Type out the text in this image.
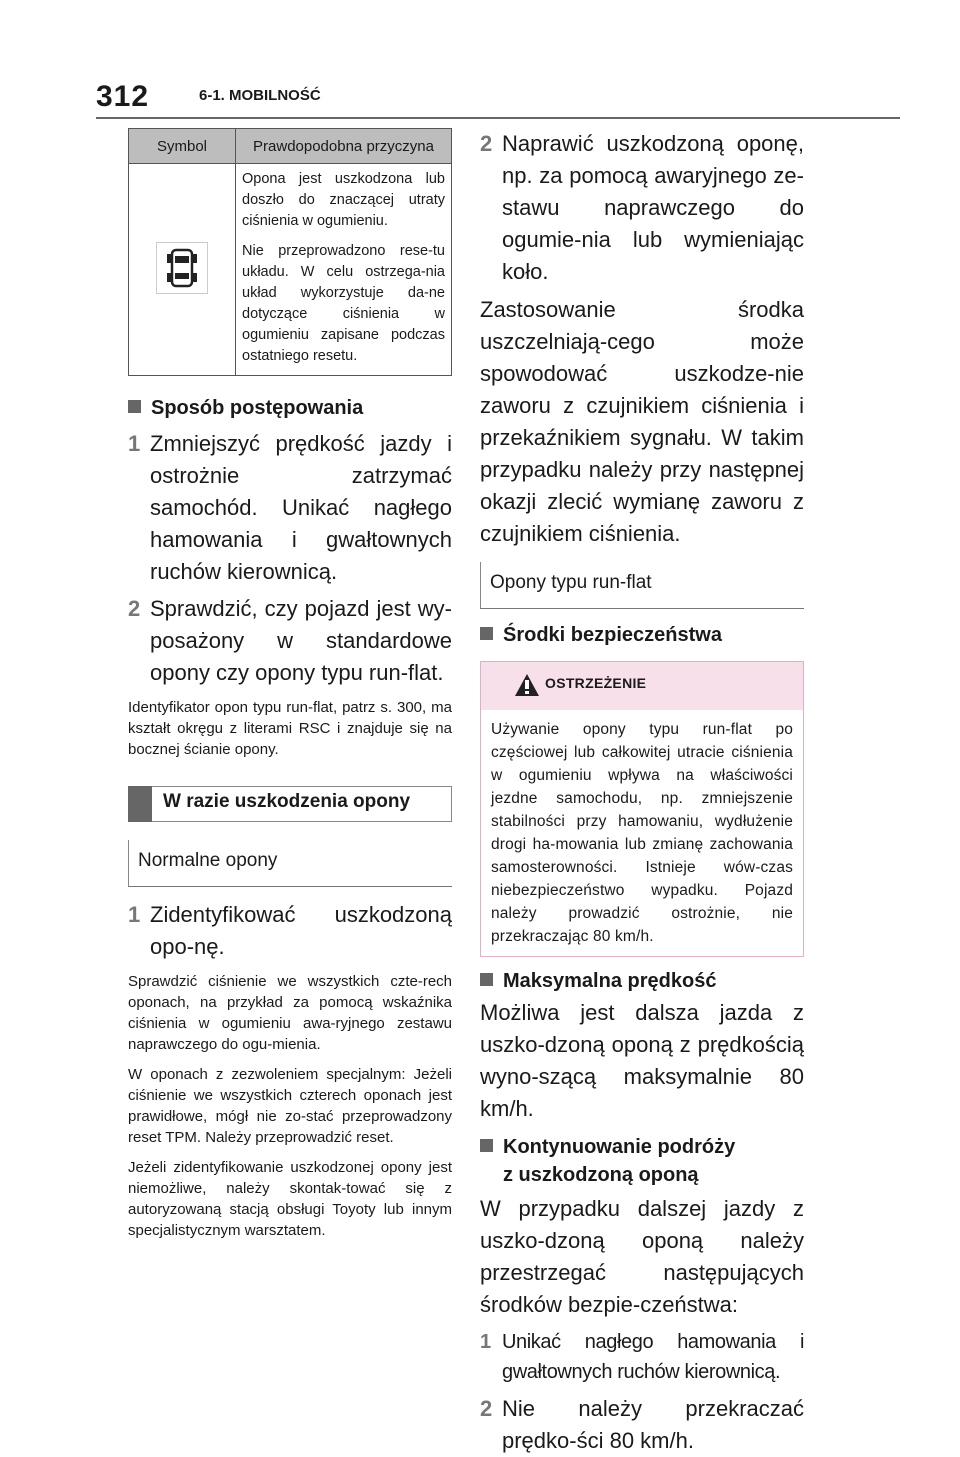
312	6-1. MOBILNOŚĆ
Symbol	Prawdopodobna przyczyna

Opona jest uszkodzona lub doszło do znaczącej utraty ciśnienia w ogumieniu.

Nie przeprowadzono rese-tu układu. W celu ostrzega-nia układ wykorzystuje da-ne dotyczące ciśnienia w ogumieniu zapisane podczas ostatniego resetu.

Sposób postępowania

1 Zmniejszyć prędkość jazdy i ostrożnie zatrzymać samochód. Unikać nagłego hamowania i gwałtownych ruchów kierownicą.

2 Sprawdzić, czy pojazd jest wy-posażony w standardowe opony czy opony typu run-flat.

Identyfikator opon typu run-flat, patrz s. 300, ma kształt okręgu z literami RSC i znajduje się na bocznej ścianie opony.

W razie uszkodzenia opony
Normalne opony

1 Zidentyfikować uszkodzoną opo-nę.

Sprawdzić ciśnienie we wszystkich czte-rech oponach, na przykład za pomocą wskaźnika ciśnienia w ogumieniu awa-ryjnego zestawu naprawczego do ogu-mienia.

W oponach z zezwoleniem specjalnym: Jeżeli ciśnienie we wszystkich czterech oponach jest prawidłowe, mógł nie zo-stać przeprowadzony reset TPM. Należy przeprowadzić reset.

Jeżeli zidentyfikowanie uszkodzonej opony jest niemożliwe, należy skontak-tować się z autoryzowaną stacją obsługi Toyoty lub innym specjalistycznym warsztatem.

2 Naprawić uszkodzoną oponę, np. za pomocą awaryjnego ze-stawu naprawczego do ogumie-nia lub wymieniając koło.

Zastosowanie środka uszczelniają-cego może spowodować uszkodze-nie zaworu z czujnikiem ciśnienia i przekaźnikiem sygnału. W takim przypadku należy przy następnej okazji zlecić wymianę zaworu z czujnikiem ciśnienia.

Opony typu run-flat

Środki bezpieczeństwa

OSTRZEŻENIE
Używanie opony typu run-flat po częściowej lub całkowitej utracie ciśnienia w ogumieniu wpływa na właściwości jezdne samochodu, np. zmniejszenie stabilności przy hamowaniu, wydłużenie drogi ha-mowania lub zmianę zachowania samosterowności. Istnieje wów-czas niebezpieczeństwo wypadku. Pojazd należy prowadzić ostrożnie, nie przekraczając 80 km/h.

Maksymalna prędkość

Możliwa jest dalsza jazda z uszko-dzoną oponą z prędkością wyno-szącą maksymalnie 80 km/h.

Kontynuowanie podróży
z uszkodzoną oponą

W przypadku dalszej jazdy z uszko-dzoną oponą należy przestrzegać następujących środków bezpie-czeństwa:

1 Unikać nagłego hamowania i gwałtownych ruchów kierownicą.

2 Nie należy przekraczać prędko-ści 80 km/h.
